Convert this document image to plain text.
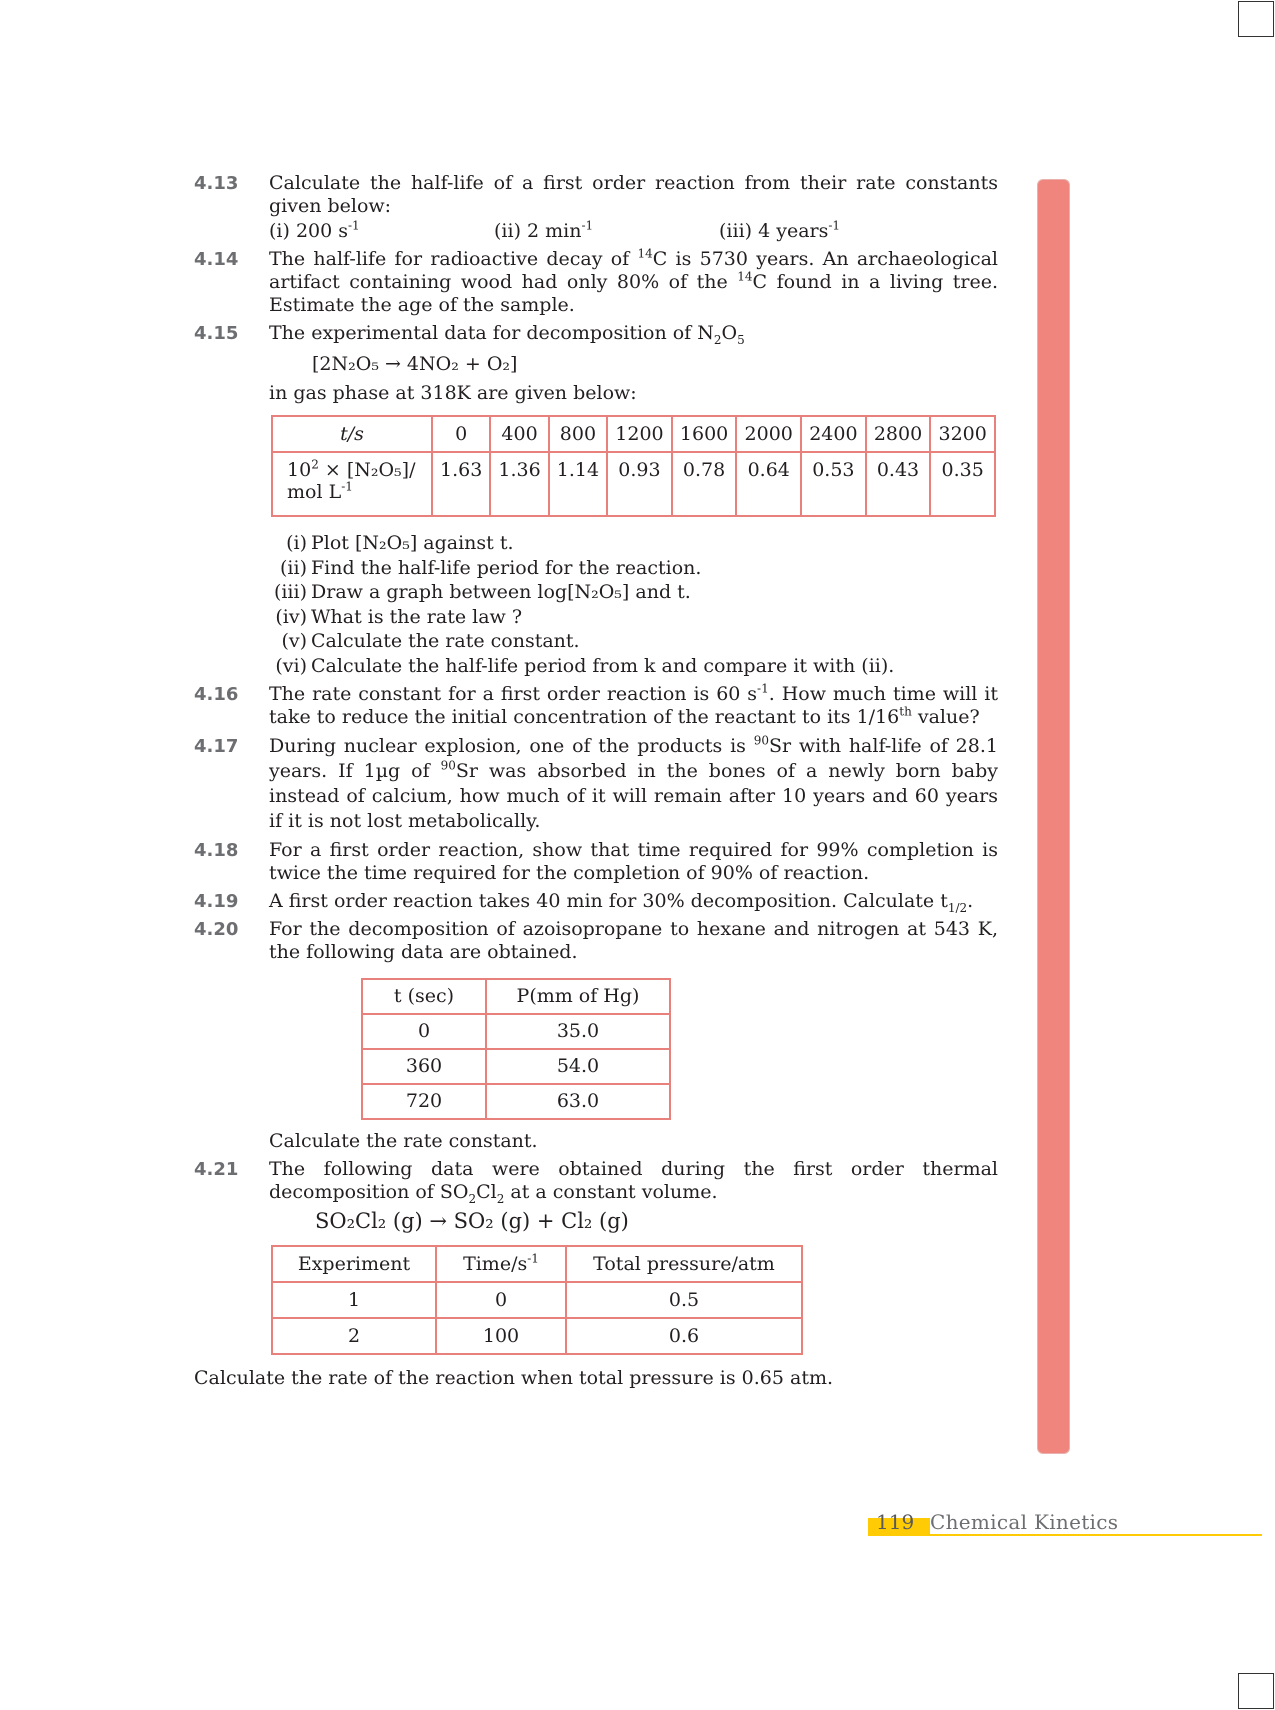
4.13 Calculate the half-life of a first order reaction from their rate constants given below:

(i) 200 $s^{-1}$	(ii) 2 $\min^{-1}$	(iii) 4 years$^{-1}$
4.14 The half-life for radioactive decay of $^{14}$C is 5730 years. An archaeological artifact containing wood had only 80% of the $^{14}$C found in a living tree. Estimate the age of the sample.

4.15 The experimental data for decomposition of $N_2O_5$

[2N₂O₅ → 4NO₂ + O₂]

in gas phase at 318K are given below:

t/s	0	400	800	1200	1600	2000	2400	2800	3200
$10^2 \times [N_2O_5]/$
mol $L^{-1}$	1.63	1.36	1.14	0.93	0.78	0.64	0.53	0.43	0.35
(i) Plot [N₂O₅] against t.
(ii) Find the half-life period for the reaction.
(iii) Draw a graph between log[N₂O₅] and t.
(iv) What is the rate law ?
(v) Calculate the rate constant.
(vi) Calculate the half-life period from k and compare it with (ii).
4.16 The rate constant for a first order reaction is 60 $s^{-1}$. How much time will it take to reduce the initial concentration of the reactant to its 1/16th value?

4.17 During nuclear explosion, one of the products is $^{90}$Sr with half-life of 28.1 years. If 1µg of $^{90}$Sr was absorbed in the bones of a newly born baby instead of calcium, how much of it will remain after 10 years and 60 years if it is not lost metabolically.

4.18 For a first order reaction, show that time required for 99% completion is twice the time required for the completion of 90% of reaction.

4.19 A first order reaction takes 40 min for 30% decomposition. Calculate $t_{1/2}$.

4.20 For the decomposition of azoisopropane to hexane and nitrogen at 543 K, the following data are obtained.

t (sec)	P(mm of Hg)
0	35.0
360	54.0
720	63.0

Calculate the rate constant.

4.21 The following data were obtained during the first order thermal decomposition of $SO_2Cl_2$ at a constant volume.

SO₂Cl₂ (g) → SO₂ (g) + Cl₂ (g)
Experiment	Time/$s^{-1}$	Total pressure/atm
1	0	0.5
2	100	0.6

Calculate the rate of the reaction when total pressure is 0.65 atm.

119 Chemical Kinetics
